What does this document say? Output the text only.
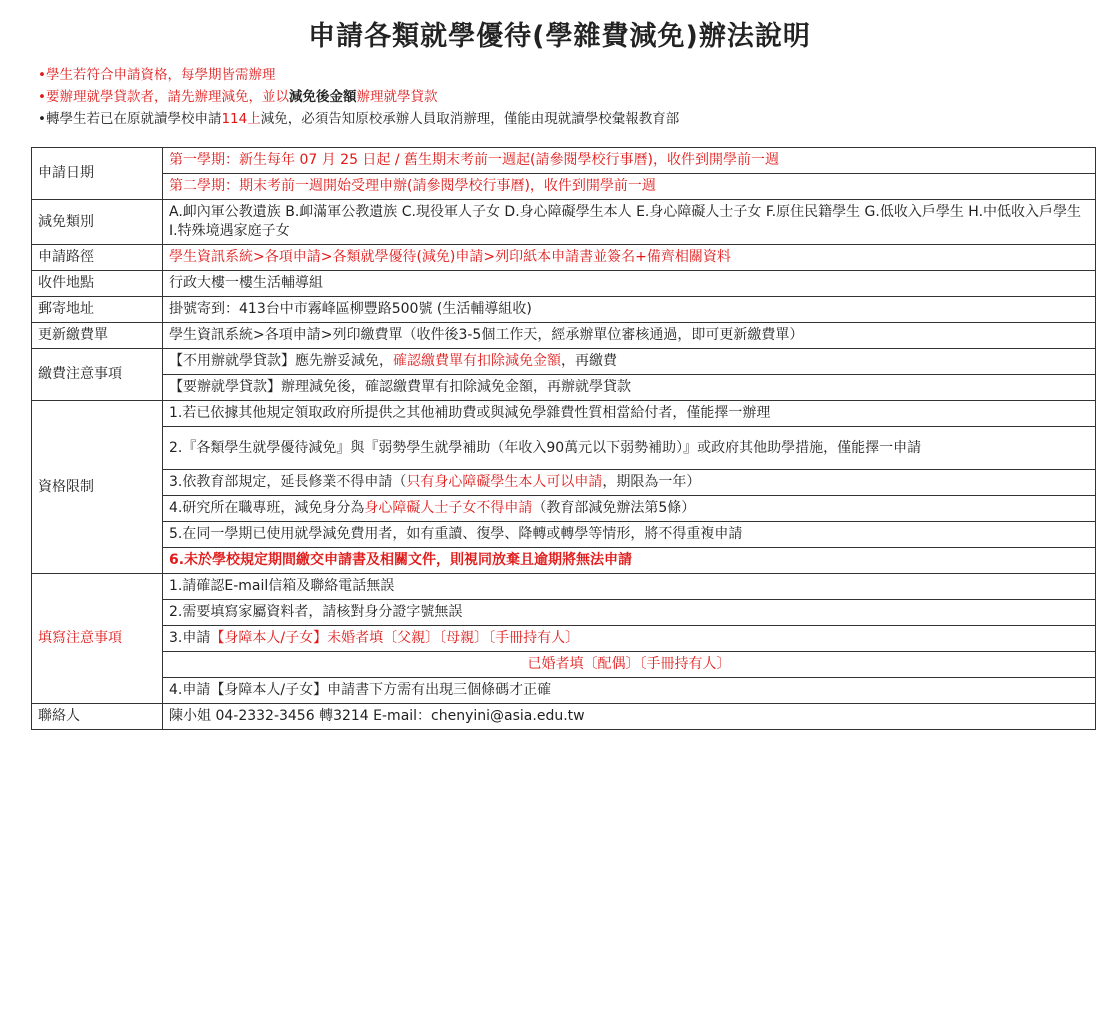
申請各類就學優待(學雜費減免)辦法說明
•學生若符合申請資格，每學期皆需辦理
•要辦理就學貸款者，請先辦理減免，並以減免後金額辦理就學貸款
•轉學生若已在原就讀學校申請114上減免，必須告知原校承辦人員取消辦理，僅能由現就讀學校彙報教育部
申請日期	第一學期：新生每年 07 月 25 日起 / 舊生期末考前一週起(請參閱學校行事曆)，收件到開學前一週
	第二學期：期末考前一週開始受理申辦(請參閱學校行事曆)，收件到開學前一週
減免類別	A.卹內軍公教遺族 B.卹滿軍公教遺族 C.現役軍人子女 D.身心障礙學生本人 E.身心障礙人士子女 F.原住民籍學生 G.低收入戶學生 H.中低收入戶學生 I.特殊境遇家庭子女
申請路徑	學生資訊系統>各項申請>各類就學優待(減免)申請>列印紙本申請書並簽名+備齊相關資料
收件地點	行政大樓一樓生活輔導組
郵寄地址	掛號寄到：413台中市霧峰區柳豐路500號 (生活輔導組收)
更新繳費單	學生資訊系統>各項申請>列印繳費單（收件後3-5個工作天，經承辦單位審核通過，即可更新繳費單）
繳費注意事項	【不用辦就學貸款】應先辦妥減免，確認繳費單有扣除減免金額，再繳費
	【要辦就學貸款】辦理減免後，確認繳費單有扣除減免金額，再辦就學貸款
資格限制	1.若已依據其他規定領取政府所提供之其他補助費或與減免學雜費性質相當給付者，僅能擇一辦理
	2.『各類學生就學優待減免』與『弱勢學生就學補助（年收入90萬元以下弱勢補助）』或政府其他助學措施，僅能擇一申請
	3.依教育部規定，延長修業不得申請（只有身心障礙學生本人可以申請，期限為一年）
	4.研究所在職專班，減免身分為身心障礙人士子女不得申請（教育部減免辦法第5條）
	5.在同一學期已使用就學減免費用者，如有重讀、復學、降轉或轉學等情形，將不得重複申請
	6.未於學校規定期間繳交申請書及相關文件，則視同放棄且逾期將無法申請
填寫注意事項	1.請確認E-mail信箱及聯絡電話無誤
	2.需要填寫家屬資料者，請核對身分證字號無誤
	3.申請【身障本人/子女】未婚者填〔父親〕〔母親〕〔手冊持有人〕
	已婚者填〔配偶〕〔手冊持有人〕
	4.申請【身障本人/子女】申請書下方需有出現三個條碼才正確
聯絡人	陳小姐 04-2332-3456 轉3214 E-mail：chenyini@asia.edu.tw
